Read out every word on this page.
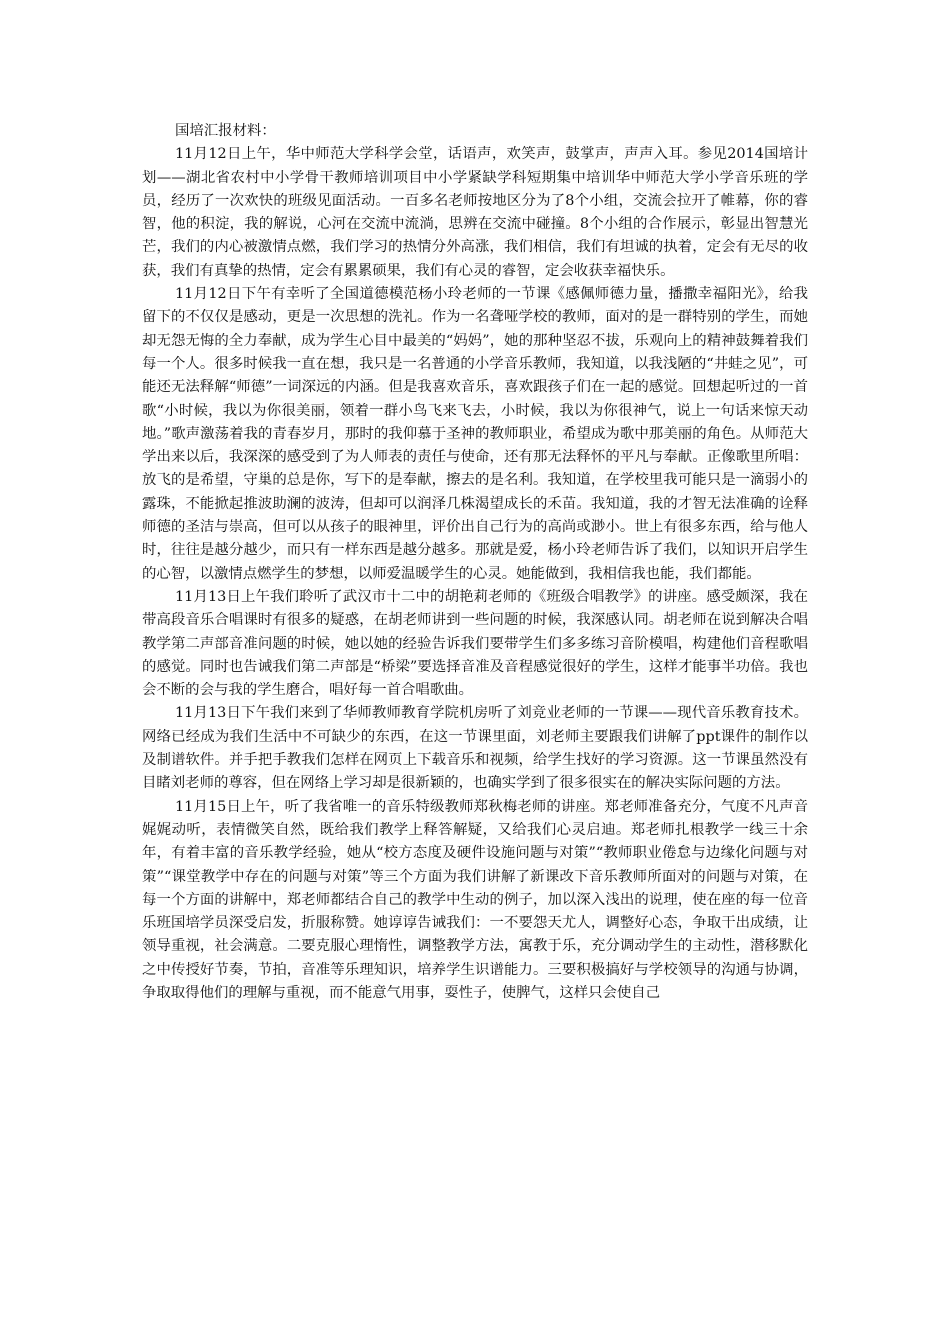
国培汇报材料：

11月12日上午，华中师范大学科学会堂，话语声，欢笑声，鼓掌声，声声入耳。参见2014国培计划——湖北省农村中小学骨干教师培训项目中小学紧缺学科短期集中培训华中师范大学小学音乐班的学员，经历了一次欢快的班级见面活动。一百多名老师按地区分为了8个小组，交流会拉开了帷幕，你的睿智，他的积淀，我的解说，心河在交流中流淌，思辨在交流中碰撞。8个小组的合作展示，彰显出智慧光芒，我们的内心被激情点燃，我们学习的热情分外高涨，我们相信，我们有坦诚的执着，定会有无尽的收获，我们有真挚的热情，定会有累累硕果，我们有心灵的睿智，定会收获幸福快乐。

11月12日下午有幸听了全国道德模范杨小玲老师的一节课《感佩师德力量，播撒幸福阳光》，给我留下的不仅仅是感动，更是一次思想的洗礼。作为一名聋哑学校的教师，面对的是一群特别的学生，而她却无怨无悔的全力奉献，成为学生心目中最美的“妈妈”，她的那种坚忍不拔，乐观向上的精神鼓舞着我们每一个人。很多时候我一直在想，我只是一名普通的小学音乐教师，我知道，以我浅陋的“井蛙之见”，可能还无法释解“师德”一词深远的内涵。但是我喜欢音乐，喜欢跟孩子们在一起的感觉。回想起听过的一首歌“小时候，我以为你很美丽，领着一群小鸟飞来飞去，小时候，我以为你很神气，说上一句话来惊天动地。”歌声激荡着我的青春岁月，那时的我仰慕于圣神的教师职业，希望成为歌中那美丽的角色。从师范大学出来以后，我深深的感受到了为人师表的责任与使命，还有那无法释怀的平凡与奉献。正像歌里所唱：放飞的是希望，守巢的总是你，写下的是奉献，擦去的是名利。我知道，在学校里我可能只是一滴弱小的露珠，不能掀起推波助澜的波涛，但却可以润泽几株渴望成长的禾苗。我知道，我的才智无法准确的诠释师德的圣洁与崇高，但可以从孩子的眼神里，评价出自己行为的高尚或渺小。世上有很多东西，给与他人时，往往是越分越少，而只有一样东西是越分越多。那就是爱，杨小玲老师告诉了我们，以知识开启学生的心智，以激情点燃学生的梦想，以师爱温暖学生的心灵。她能做到，我相信我也能，我们都能。

11月13日上午我们聆听了武汉市十二中的胡艳莉老师的《班级合唱教学》的讲座。感受颇深，我在带高段音乐合唱课时有很多的疑惑，在胡老师讲到一些问题的时候，我深感认同。胡老师在说到解决合唱教学第二声部音准问题的时候，她以她的经验告诉我们要带学生们多多练习音阶模唱，构建他们音程歌唱的感觉。同时也告诫我们第二声部是“桥梁”要选择音准及音程感觉很好的学生，这样才能事半功倍。我也会不断的会与我的学生磨合，唱好每一首合唱歌曲。

11月13日下午我们来到了华师教师教育学院机房听了刘竞业老师的一节课——现代音乐教育技术。网络已经成为我们生活中不可缺少的东西，在这一节课里面，刘老师主要跟我们讲解了ppt课件的制作以及制谱软件。并手把手教我们怎样在网页上下载音乐和视频，给学生找好的学习资源。这一节课虽然没有目睹刘老师的尊容，但在网络上学习却是很新颖的，也确实学到了很多很实在的解决实际问题的方法。

11月15日上午，听了我省唯一的音乐特级教师郑秋梅老师的讲座。郑老师准备充分，气度不凡声音娓娓动听，表情微笑自然，既给我们教学上释答解疑，又给我们心灵启迪。郑老师扎根教学一线三十余年，有着丰富的音乐教学经验，她从“校方态度及硬件设施问题与对策”“教师职业倦怠与边缘化问题与对策”“课堂教学中存在的问题与对策”等三个方面为我们讲解了新课改下音乐教师所面对的问题与对策，在每一个方面的讲解中，郑老师都结合自己的教学中生动的例子，加以深入浅出的说理，使在座的每一位音乐班国培学员深受启发，折服称赞。她谆谆告诫我们：一不要怨天尤人，调整好心态，争取干出成绩，让领导重视，社会满意。二要克服心理惰性，调整教学方法，寓教于乐，充分调动学生的主动性，潜移默化之中传授好节奏，节拍，音准等乐理知识，培养学生识谱能力。三要积极搞好与学校领导的沟通与协调，争取取得他们的理解与重视，而不能意气用事，耍性子，使脾气，这样只会使自己
